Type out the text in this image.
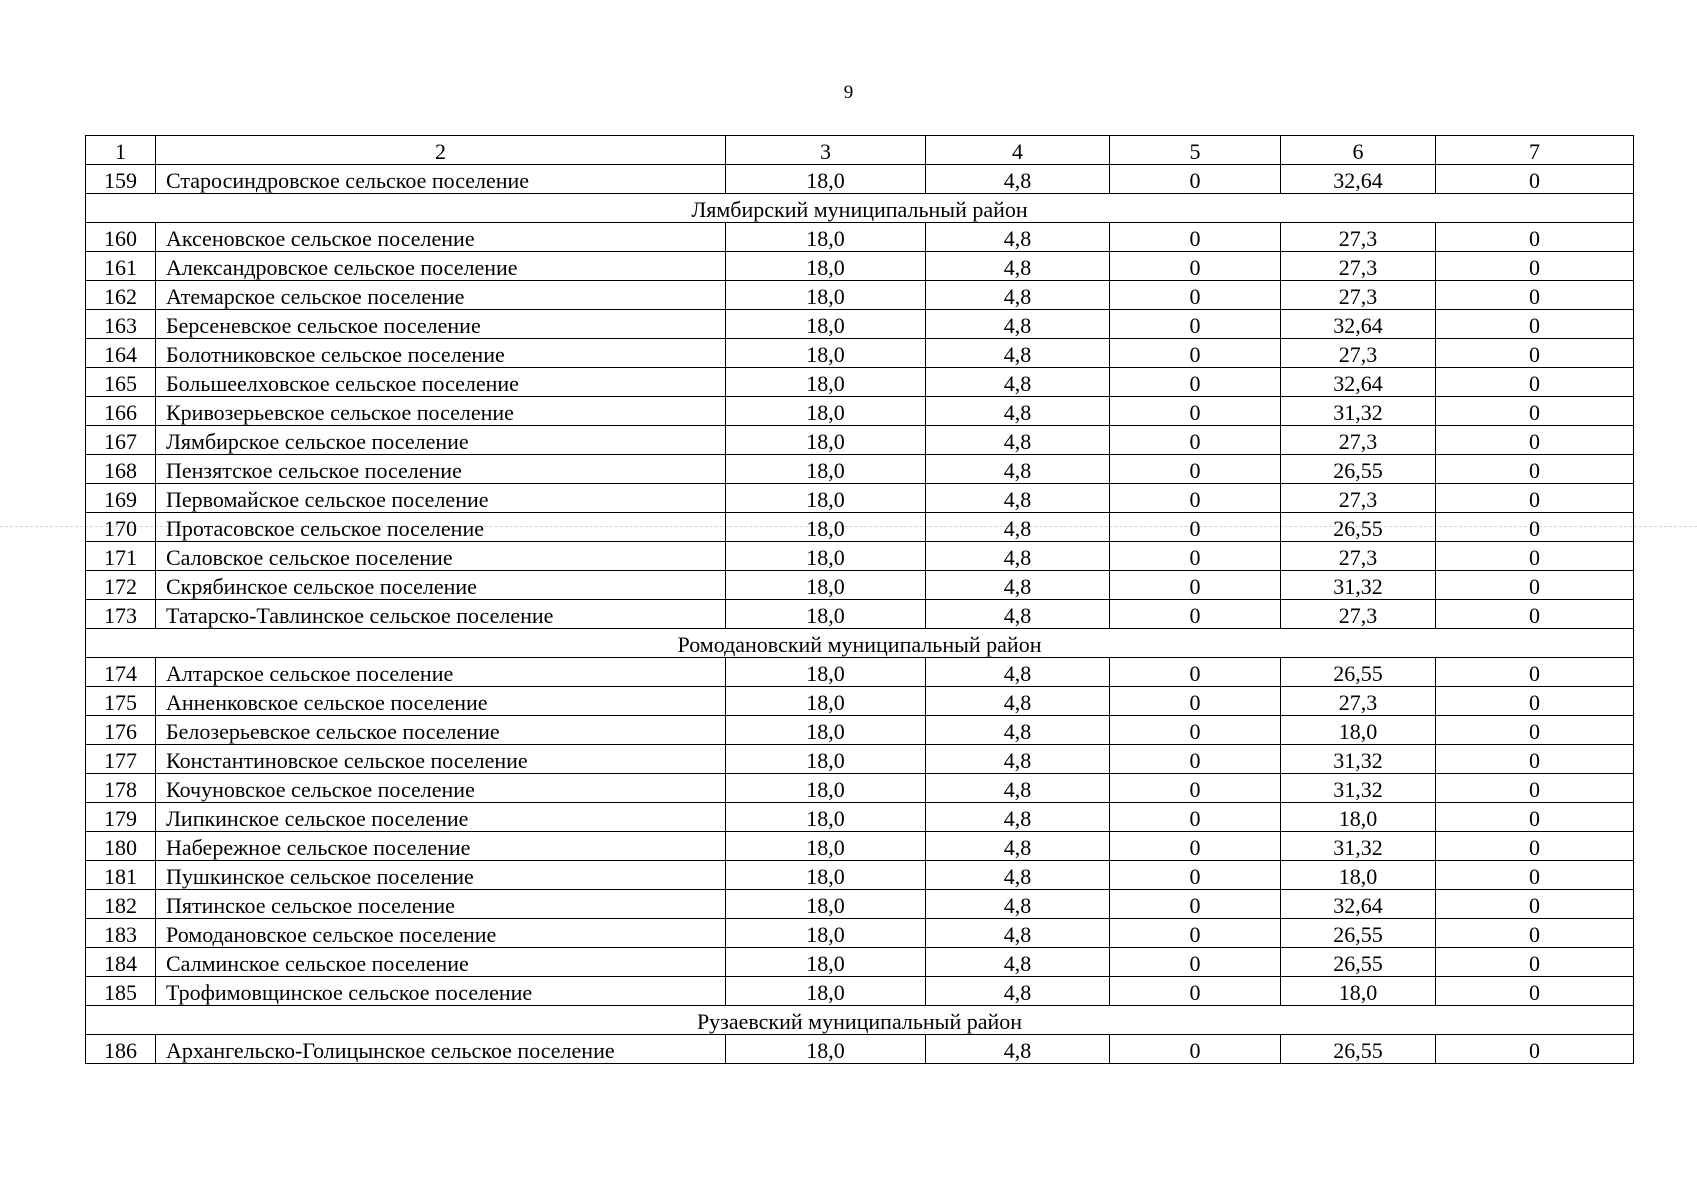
9
1	2	3	4	5	6	7
159	Старосиндровское сельское поселение	18,0	4,8	0	32,64	0
Лямбирский муниципальный район						
160	Аксеновское сельское поселение	18,0	4,8	0	27,3	0
161	Александровское сельское поселение	18,0	4,8	0	27,3	0
162	Атемарское сельское поселение	18,0	4,8	0	27,3	0
163	Берсеневское сельское поселение	18,0	4,8	0	32,64	0
164	Болотниковское сельское поселение	18,0	4,8	0	27,3	0
165	Большеелховское сельское поселение	18,0	4,8	0	32,64	0
166	Кривозерьевское сельское поселение	18,0	4,8	0	31,32	0
167	Лямбирское сельское поселение	18,0	4,8	0	27,3	0
168	Пензятское сельское поселение	18,0	4,8	0	26,55	0
169	Первомайское сельское поселение	18,0	4,8	0	27,3	0
170	Протасовское сельское поселение	18,0	4,8	0	26,55	0
171	Саловское сельское поселение	18,0	4,8	0	27,3	0
172	Скрябинское сельское поселение	18,0	4,8	0	31,32	0
173	Татарско-Тавлинское сельское поселение	18,0	4,8	0	27,3	0
Ромодановский муниципальный район						
174	Алтарское сельское поселение	18,0	4,8	0	26,55	0
175	Анненковское сельское поселение	18,0	4,8	0	27,3	0
176	Белозерьевское сельское поселение	18,0	4,8	0	18,0	0
177	Константиновское сельское поселение	18,0	4,8	0	31,32	0
178	Кочуновское сельское поселение	18,0	4,8	0	31,32	0
179	Липкинское сельское поселение	18,0	4,8	0	18,0	0
180	Набережное сельское поселение	18,0	4,8	0	31,32	0
181	Пушкинское сельское поселение	18,0	4,8	0	18,0	0
182	Пятинское сельское поселение	18,0	4,8	0	32,64	0
183	Ромодановское сельское поселение	18,0	4,8	0	26,55	0
184	Салминское сельское поселение	18,0	4,8	0	26,55	0
185	Трофимовщинское сельское поселение	18,0	4,8	0	18,0	0
Рузаевский муниципальный район						
186	Архангельско-Голицынское сельское поселение	18,0	4,8	0	26,55	0
